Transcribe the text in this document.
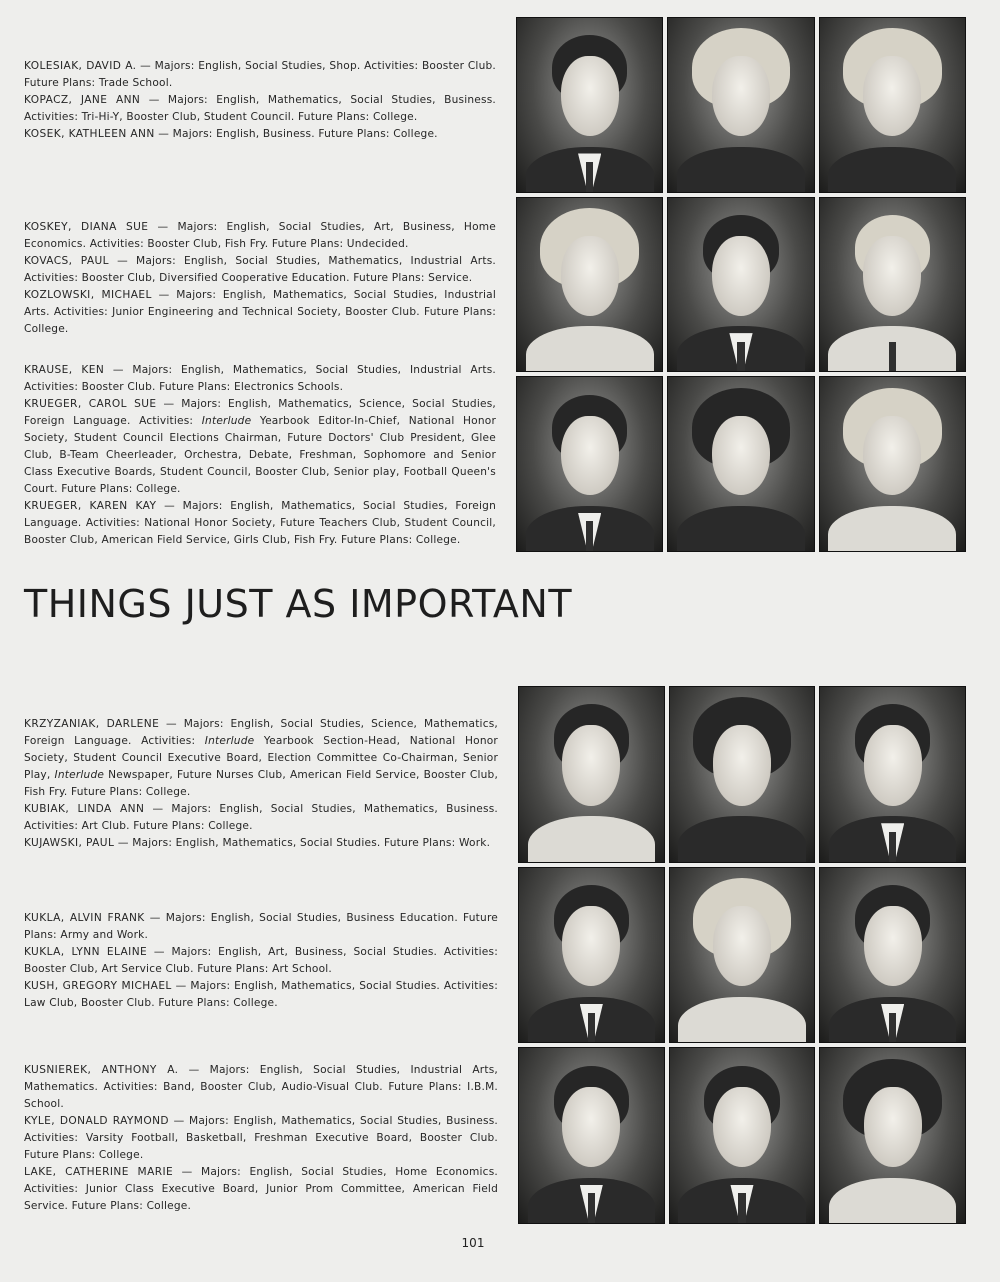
KOLESIAK, DAVID A. — Majors: English, Social Studies, Shop. Activities: Booster Club. Future Plans: Trade School.

KOPACZ, JANE ANN — Majors: English, Mathematics, Social Studies, Business. Activities: Tri-Hi-Y, Booster Club, Student Council. Future Plans: College.

KOSEK, KATHLEEN ANN — Majors: English, Business. Future Plans: College.

KOSKEY, DIANA SUE — Majors: English, Social Studies, Art, Business, Home Economics. Activities: Booster Club, Fish Fry. Future Plans: Undecided.

KOVACS, PAUL — Majors: English, Social Studies, Mathematics, Industrial Arts. Activities: Booster Club, Diversified Cooperative Education. Future Plans: Service.

KOZLOWSKI, MICHAEL — Majors: English, Mathematics, Social Studies, Industrial Arts. Activities: Junior Engineering and Technical Society, Booster Club. Future Plans: College.

KRAUSE, KEN — Majors: English, Mathematics, Social Studies, Industrial Arts. Activities: Booster Club. Future Plans: Electronics Schools.

KRUEGER, CAROL SUE — Majors: English, Mathematics, Science, Social Studies, Foreign Language. Activities: Interlude Yearbook Editor-In-Chief, National Honor Society, Student Council Elections Chairman, Future Doctors' Club President, Glee Club, B-Team Cheerleader, Orchestra, Debate, Freshman, Sophomore and Senior Class Executive Boards, Student Council, Booster Club, Senior play, Football Queen's Court. Future Plans: College.

KRUEGER, KAREN KAY — Majors: English, Mathematics, Social Studies, Foreign Language. Activities: National Honor Society, Future Teachers Club, Student Council, Booster Club, American Field Service, Girls Club, Fish Fry. Future Plans: College.

THINGS JUST AS IMPORTANT

KRZYZANIAK, DARLENE — Majors: English, Social Studies, Science, Mathematics, Foreign Language. Activities: Interlude Yearbook Section-Head, National Honor Society, Student Council Executive Board, Election Committee Co-Chairman, Senior Play, Interlude Newspaper, Future Nurses Club, American Field Service, Booster Club, Fish Fry. Future Plans: College.

KUBIAK, LINDA ANN — Majors: English, Social Studies, Mathematics, Business. Activities: Art Club. Future Plans: College.

KUJAWSKI, PAUL — Majors: English, Mathematics, Social Studies. Future Plans: Work.

KUKLA, ALVIN FRANK — Majors: English, Social Studies, Business Education. Future Plans: Army and Work.

KUKLA, LYNN ELAINE — Majors: English, Art, Business, Social Studies. Activities: Booster Club, Art Service Club. Future Plans: Art School.

KUSH, GREGORY MICHAEL — Majors: English, Mathematics, Social Studies. Activities: Law Club, Booster Club. Future Plans: College.

KUSNIEREK, ANTHONY A. — Majors: English, Social Studies, Industrial Arts, Mathematics. Activities: Band, Booster Club, Audio-Visual Club. Future Plans: I.B.M. School.

KYLE, DONALD RAYMOND — Majors: English, Mathematics, Social Studies, Business. Activities: Varsity Football, Basketball, Freshman Executive Board, Booster Club. Future Plans: College.

LAKE, CATHERINE MARIE — Majors: English, Social Studies, Home Economics. Activities: Junior Class Executive Board, Junior Prom Committee, American Field Service. Future Plans: College.

101
